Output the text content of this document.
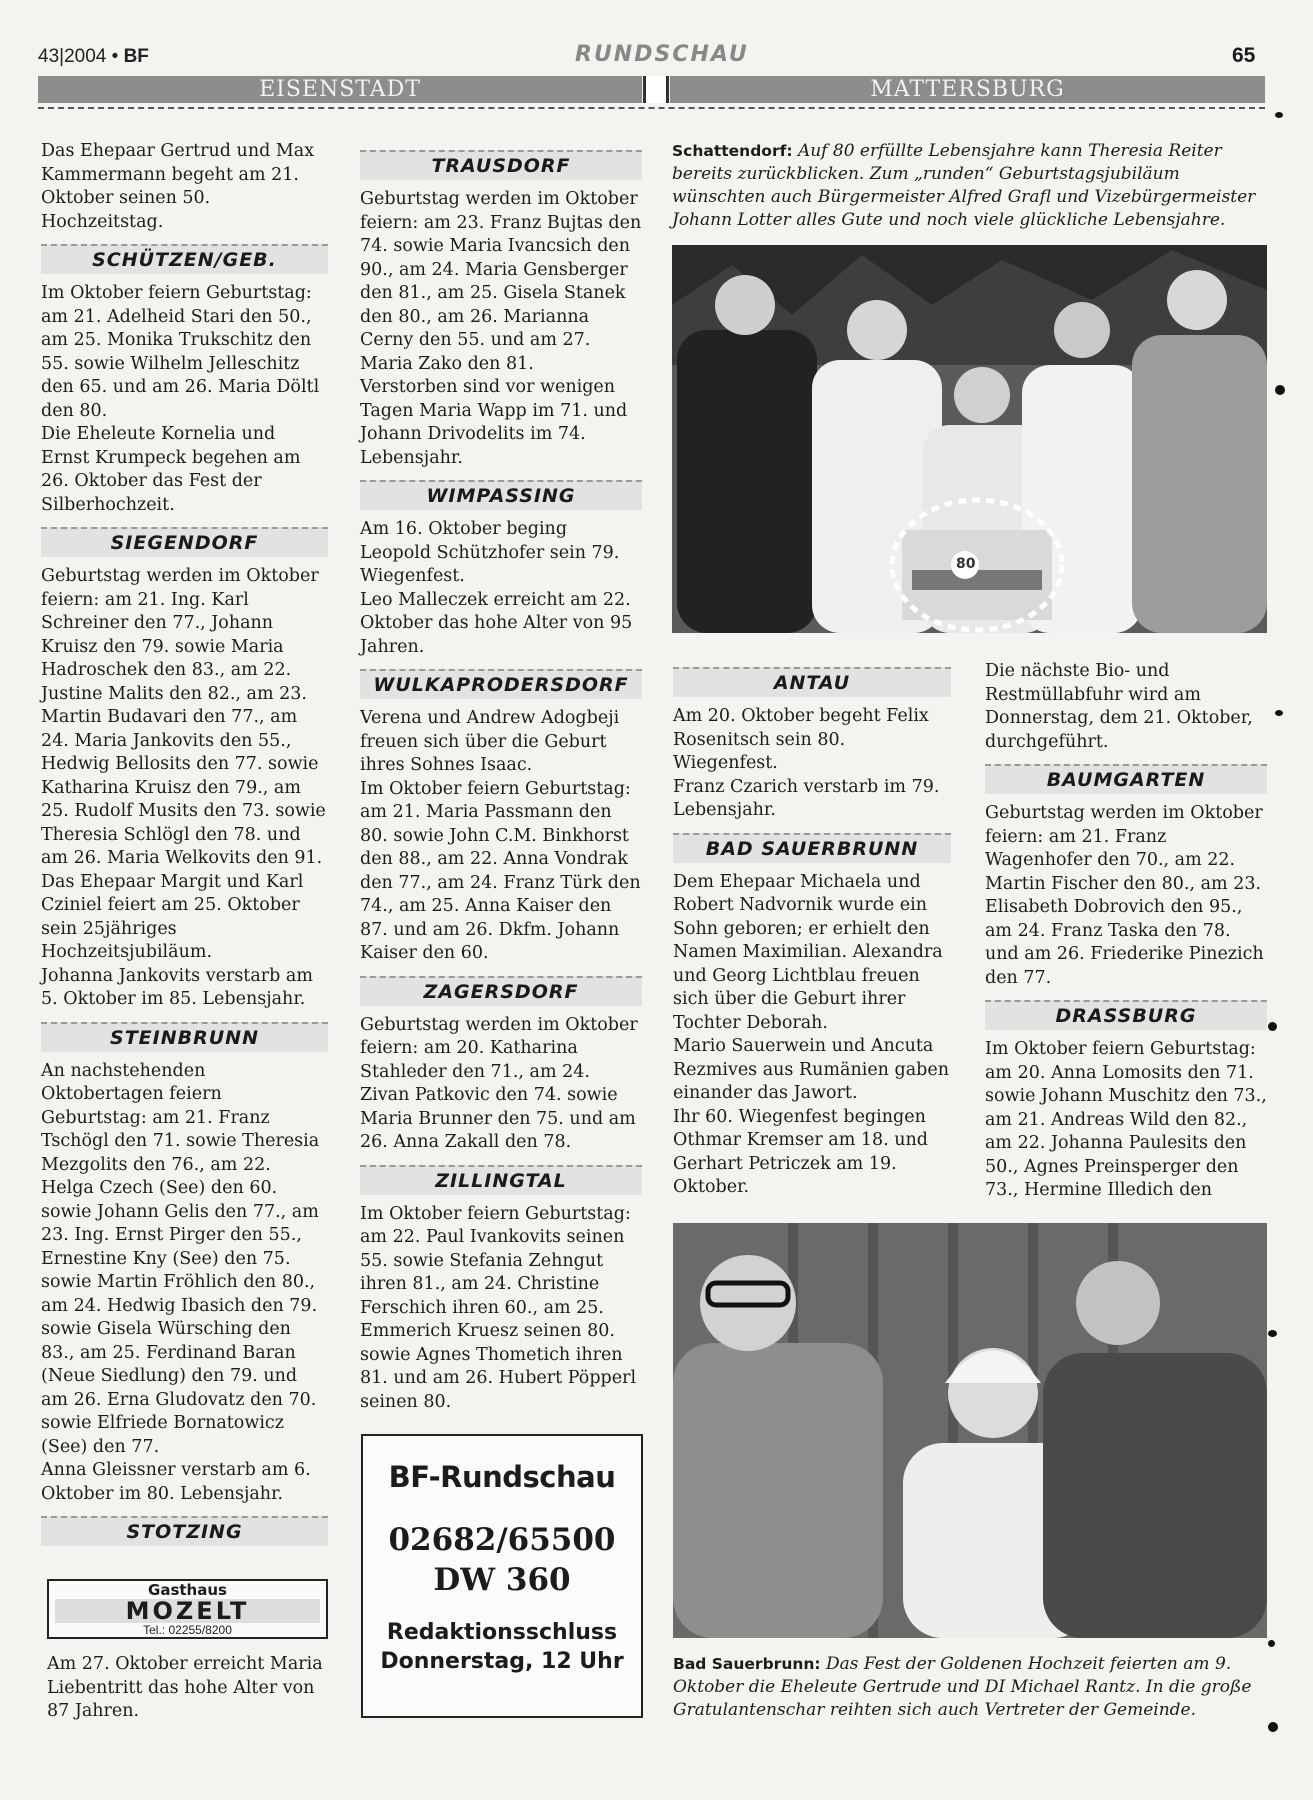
43|2004 • BF	RUNDSCHAU	65
EISENSTADT	MATTERSBURG

Das Ehepaar Gertrud und Max Kammermann begeht am 21. Oktober seinen 50. Hochzeitstag.

SCHÜTZEN/GEB.

Im Oktober feiern Geburtstag: am 21. Adelheid Stari den 50., am 25. Monika Trukschitz den 55. sowie Wilhelm Jelleschitz den 65. und am 26. Maria Döltl den 80.

Die Eheleute Kornelia und Ernst Krumpeck begehen am 26. Oktober das Fest der Silberhochzeit.

SIEGENDORF

Geburtstag werden im Oktober feiern: am 21. Ing. Karl Schreiner den 77., Johann Kruisz den 79. sowie Maria Hadroschek den 83., am 22. Justine Malits den 82., am 23. Martin Budavari den 77., am 24. Maria Jankovits den 55., Hedwig Bellosits den 77. sowie Katharina Kruisz den 79., am 25. Rudolf Musits den 73. sowie Theresia Schlögl den 78. und am 26. Maria Welkovits den 91.

Das Ehepaar Margit und Karl Cziniel feiert am 25. Oktober sein 25jähriges Hochzeitsjubiläum.

Johanna Jankovits verstarb am 5. Oktober im 85. Lebensjahr.

STEINBRUNN

An nachstehenden Oktobertagen feiern Geburtstag: am 21. Franz Tschögl den 71. sowie Theresia Mezgolits den 76., am 22. Helga Czech (See) den 60. sowie Johann Gelis den 77., am 23. Ing. Ernst Pirger den 55., Ernestine Kny (See) den 75. sowie Martin Fröhlich den 80., am 24. Hedwig Ibasich den 79. sowie Gisela Würsching den 83., am 25. Ferdinand Baran (Neue Siedlung) den 79. und am 26. Erna Gludovatz den 70. sowie Elfriede Bornatowicz (See) den 77.

Anna Gleissner verstarb am 6. Oktober im 80. Lebensjahr.

STOTZING
Gasthaus
MOZELT
Tel.: 02255/8200

Am 27. Oktober erreicht Maria Liebentritt das hohe Alter von 87 Jahren.

TRAUSDORF

Geburtstag werden im Oktober feiern: am 23. Franz Bujtas den 74. sowie Maria Ivancsich den 90., am 24. Maria Gensberger den 81., am 25. Gisela Stanek den 80., am 26. Marianna Cerny den 55. und am 27. Maria Zako den 81.

Verstorben sind vor wenigen Tagen Maria Wapp im 71. und Johann Drivodelits im 74. Lebensjahr.

WIMPASSING

Am 16. Oktober beging Leopold Schützhofer sein 79. Wiegenfest.

Leo Malleczek erreicht am 22. Oktober das hohe Alter von 95 Jahren.

WULKAPRODERSDORF

Verena und Andrew Adogbeji freuen sich über die Geburt ihres Sohnes Isaac.

Im Oktober feiern Geburtstag: am 21. Maria Passmann den 80. sowie John C.M. Binkhorst den 88., am 22. Anna Vondrak den 77., am 24. Franz Türk den 74., am 25. Anna Kaiser den 87. und am 26. Dkfm. Johann Kaiser den 60.

ZAGERSDORF

Geburtstag werden im Oktober feiern: am 20. Katharina Stahleder den 71., am 24. Zivan Patkovic den 74. sowie Maria Brunner den 75. und am 26. Anna Zakall den 78.

ZILLINGTAL

Im Oktober feiern Geburtstag: am 22. Paul Ivankovits seinen 55. sowie Stefania Zehngut ihren 81., am 24. Christine Ferschich ihren 60., am 25. Emmerich Kruesz seinen 80. sowie Agnes Thometich ihren 81. und am 26. Hubert Pöpperl seinen 80.

BF-Rundschau
02682/65500
DW 360
Redaktionsschluss
Donnerstag, 12 Uhr
Schattendorf: Auf 80 erfüllte Lebensjahre kann Theresia Reiter bereits zurückblicken. Zum „runden“ Geburtstagsjubiläum wünschten auch Bürgermeister Alfred Grafl und Vizebürgermeister Johann Lotter alles Gute und noch viele glückliche Lebensjahre.
80
ANTAU

Am 20. Oktober begeht Felix Rosenitsch sein 80. Wiegenfest.

Franz Czarich verstarb im 79. Lebensjahr.

BAD SAUERBRUNN

Dem Ehepaar Michaela und Robert Nadvornik wurde ein Sohn geboren; er erhielt den Namen Maximilian. Alexandra und Georg Lichtblau freuen sich über die Geburt ihrer Tochter Deborah.

Mario Sauerwein und Ancuta Rezmives aus Rumänien gaben einander das Jawort.

Ihr 60. Wiegenfest begingen Othmar Kremser am 18. und Gerhart Petriczek am 19. Oktober.

Die nächste Bio- und Restmüllabfuhr wird am Donnerstag, dem 21. Oktober, durchgeführt.

BAUMGARTEN

Geburtstag werden im Oktober feiern: am 21. Franz Wagenhofer den 70., am 22. Martin Fischer den 80., am 23. Elisabeth Dobrovich den 95., am 24. Franz Taska den 78. und am 26. Friederike Pinezich den 77.

DRASSBURG

Im Oktober feiern Geburtstag: am 20. Anna Lomosits den 71. sowie Johann Muschitz den 73., am 21. Andreas Wild den 82., am 22. Johanna Paulesits den 50., Agnes Preinsperger den 73., Hermine Illedich den

Bad Sauerbrunn: Das Fest der Goldenen Hochzeit feierten am 9. Oktober die Eheleute Gertrude und DI Michael Rantz. In die große Gratulantenschar reihten sich auch Vertreter der Gemeinde.
